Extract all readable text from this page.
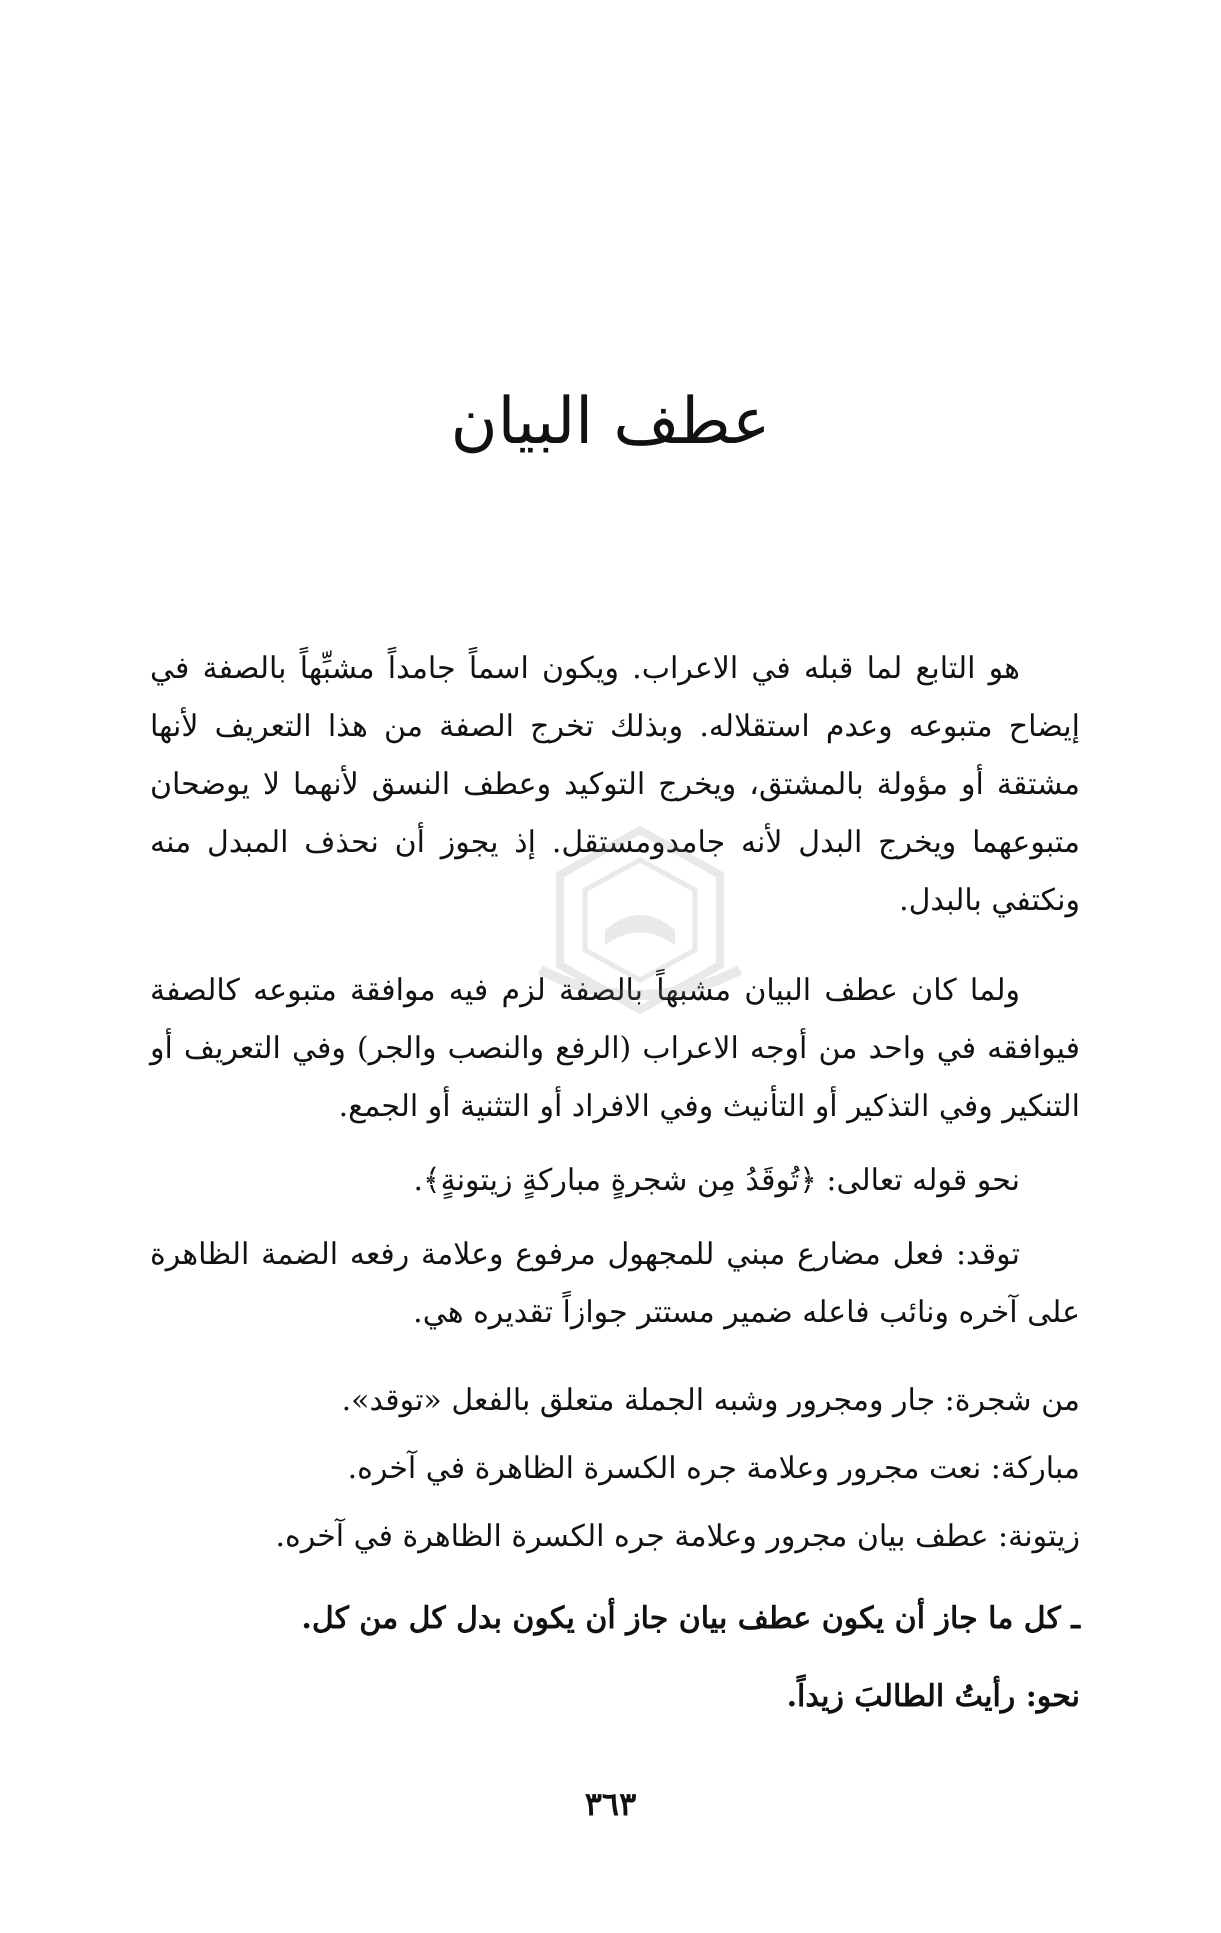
عطف البيان

هو التابع لما قبله في الاعراب. ويكون اسماً جامداً مشبِّهاً بالصفة في إيضاح متبوعه وعدم استقلاله. وبذلك تخرج الصفة من هذا التعريف لأنها مشتقة أو مؤولة بالمشتق، ويخرج التوكيد وعطف النسق لأنهما لا يوضحان متبوعهما ويخرج البدل لأنه جامدومستقل. إذ يجوز أن نحذف المبدل منه ونكتفي بالبدل.

ولما كان عطف البيان مشبهاً بالصفة لزم فيه موافقة متبوعه كالصفة فيوافقه في واحد من أوجه الاعراب (الرفع والنصب والجر) وفي التعريف أو التنكير وفي التذكير أو التأنيث وفي الافراد أو التثنية أو الجمع.

نحو قوله تعالى: ﴿تُوقَدُ مِن شجرةٍ مباركةٍ زيتونةٍ﴾.

توقد: فعل مضارع مبني للمجهول مرفوع وعلامة رفعه الضمة الظاهرة على آخره ونائب فاعله ضمير مستتر جوازاً تقديره هي.

من شجرة: جار ومجرور وشبه الجملة متعلق بالفعل «توقد».

مباركة: نعت مجرور وعلامة جره الكسرة الظاهرة في آخره.

زيتونة: عطف بيان مجرور وعلامة جره الكسرة الظاهرة في آخره.

ـ كل ما جاز أن يكون عطف بيان جاز أن يكون بدل كل من كل.

نحو: رأيتُ الطالبَ زيداً.

٣٦٣
